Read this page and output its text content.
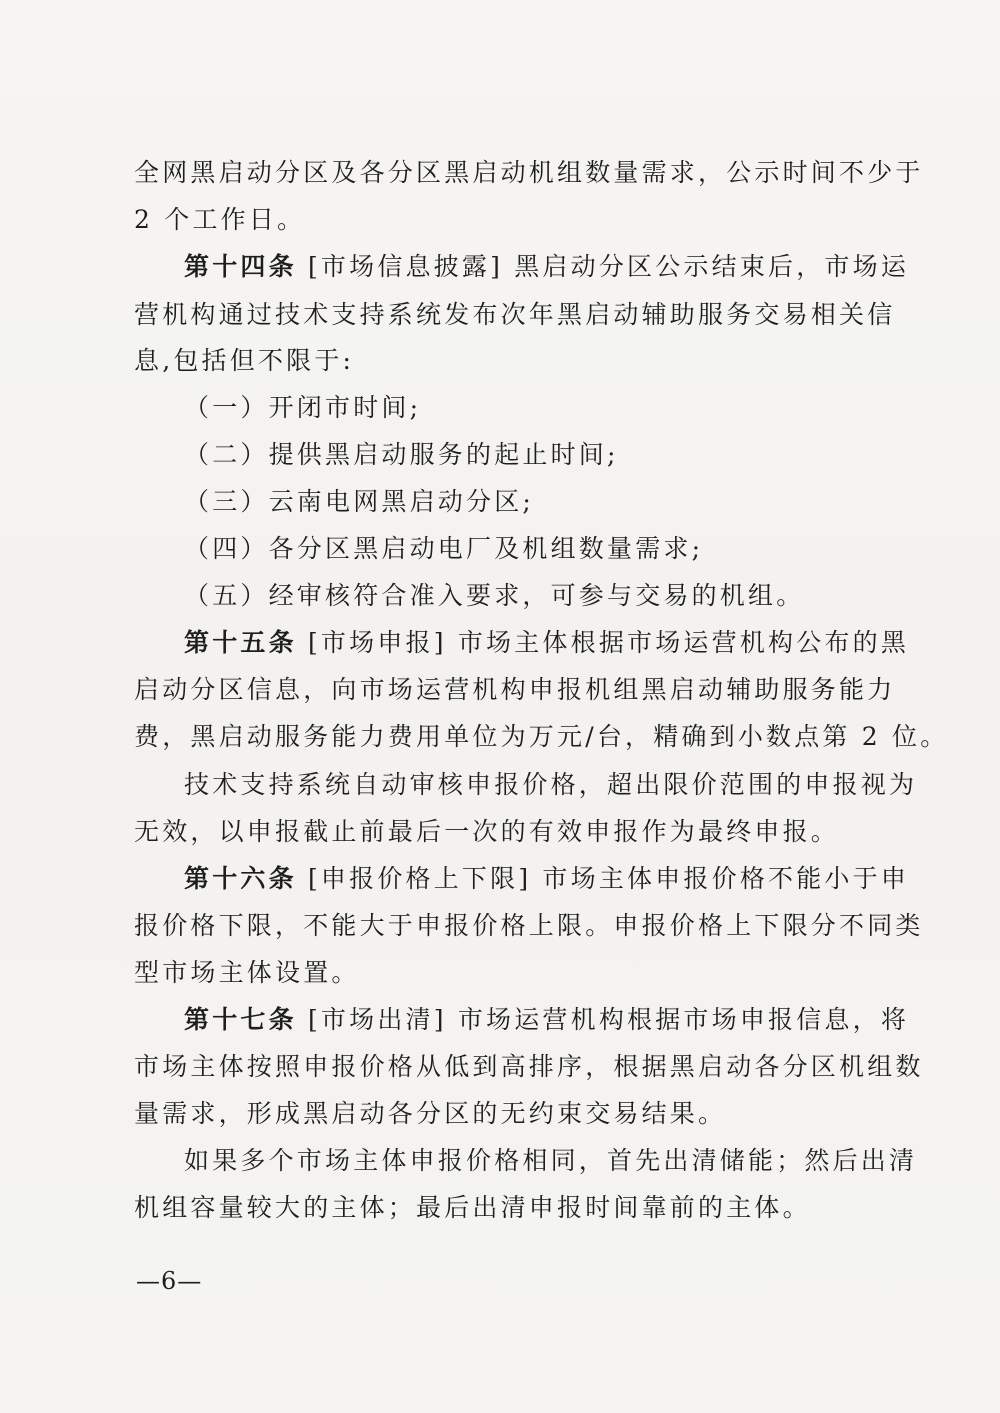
全网黑启动分区及各分区黑启动机组数量需求，公示时间不少于
2 个工作日。
第十四条 [市场信息披露] 黑启动分区公示结束后，市场运
营机构通过技术支持系统发布次年黑启动辅助服务交易相关信
息,包括但不限于:
（一）开闭市时间;
（二）提供黑启动服务的起止时间;
（三）云南电网黑启动分区;
（四）各分区黑启动电厂及机组数量需求;
（五）经审核符合准入要求，可参与交易的机组。
第十五条 [市场申报] 市场主体根据市场运营机构公布的黑
启动分区信息，向市场运营机构申报机组黑启动辅助服务能力
费，黑启动服务能力费用单位为万元/台，精确到小数点第 2 位。
技术支持系统自动审核申报价格，超出限价范围的申报视为
无效，以申报截止前最后一次的有效申报作为最终申报。
第十六条 [申报价格上下限] 市场主体申报价格不能小于申
报价格下限，不能大于申报价格上限。申报价格上下限分不同类
型市场主体设置。
第十七条 [市场出清] 市场运营机构根据市场申报信息，将
市场主体按照申报价格从低到高排序，根据黑启动各分区机组数
量需求，形成黑启动各分区的无约束交易结果。
如果多个市场主体申报价格相同，首先出清储能；然后出清
机组容量较大的主体；最后出清申报时间靠前的主体。
—6—
